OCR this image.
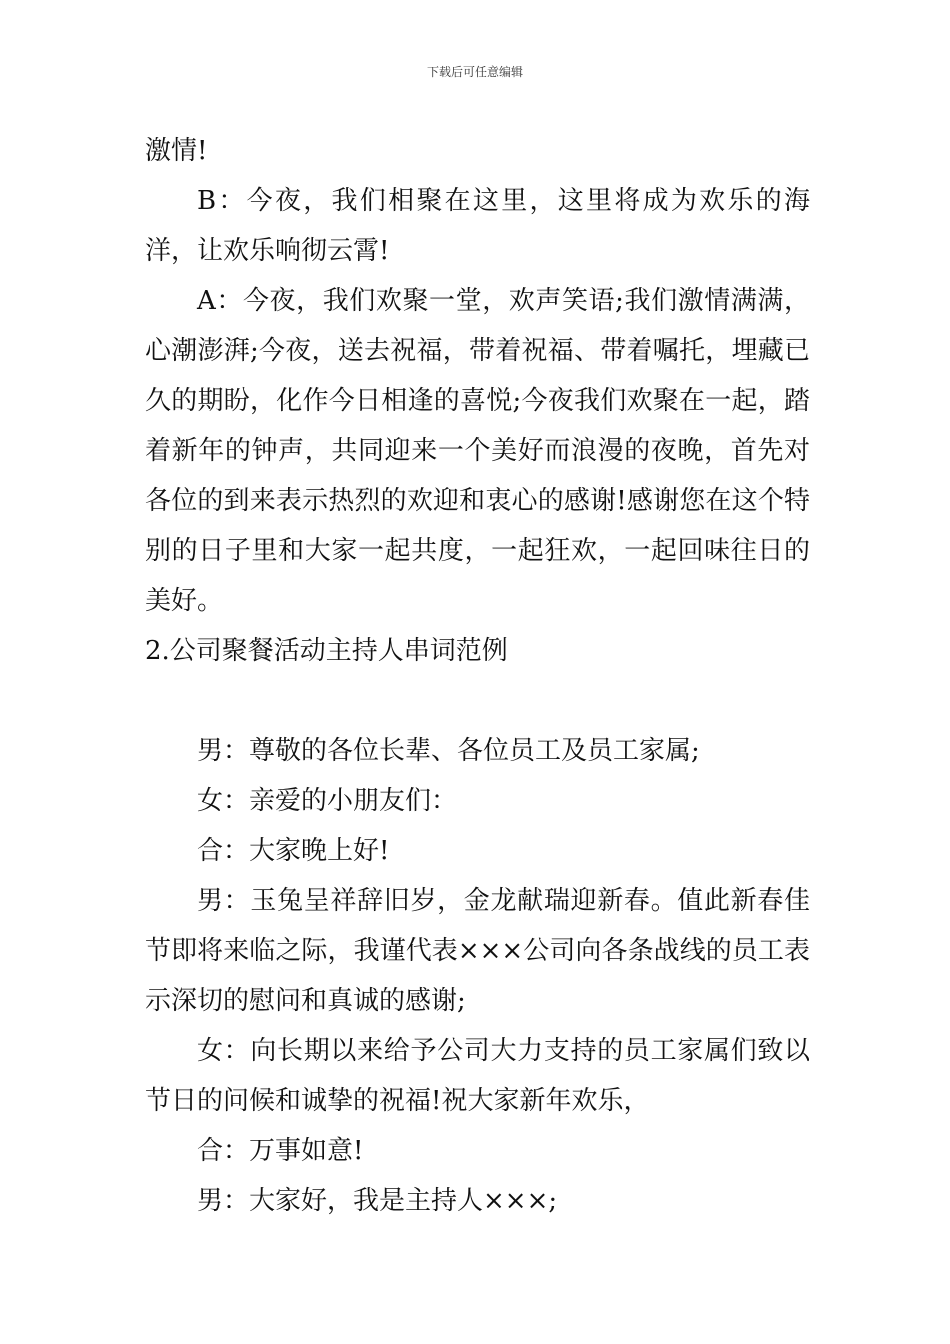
下载后可任意编辑

激情!

B：今夜，我们相聚在这里，这里将成为欢乐的海洋，让欢乐响彻云霄!

A：今夜，我们欢聚一堂，欢声笑语;我们激情满满，心潮澎湃;今夜，送去祝福，带着祝福、带着嘱托，埋藏已久的期盼，化作今日相逢的喜悦;今夜我们欢聚在一起，踏着新年的钟声，共同迎来一个美好而浪漫的夜晚，首先对各位的到来表示热烈的欢迎和衷心的感谢!感谢您在这个特别的日子里和大家一起共度，一起狂欢，一起回味往日的美好。

2.公司聚餐活动主持人串词范例

男：尊敬的各位长辈、各位员工及员工家属;

女：亲爱的小朋友们：

合：大家晚上好!

男：玉兔呈祥辞旧岁，金龙献瑞迎新春。值此新春佳节即将来临之际，我谨代表×××公司向各条战线的员工表示深切的慰问和真诚的感谢;

女：向长期以来给予公司大力支持的员工家属们致以节日的问候和诚挚的祝福!祝大家新年欢乐，

合：万事如意!

男：大家好，我是主持人×××;
